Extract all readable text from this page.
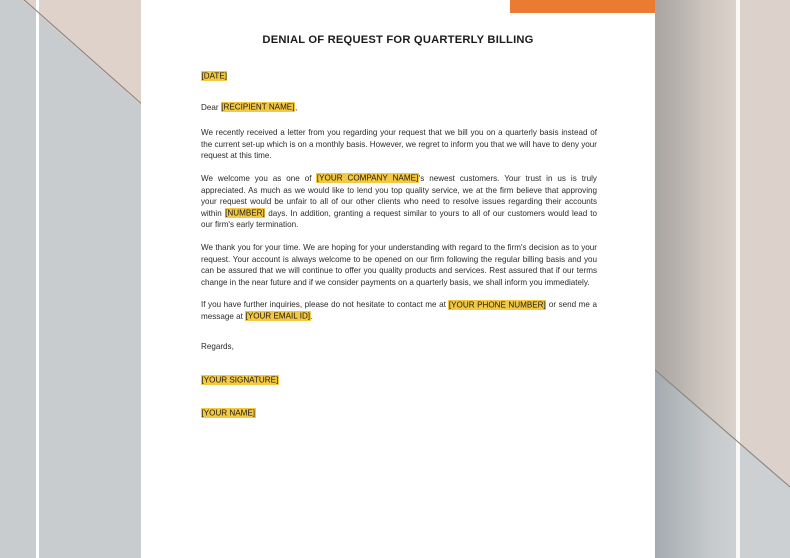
DENIAL OF REQUEST FOR QUARTERLY BILLING
[DATE]
Dear [RECIPIENT NAME],
We recently received a letter from you regarding your request that we bill you on a quarterly basis instead of the current set-up which is on a monthly basis. However, we regret to inform you that we will have to deny your request at this time.
We welcome you as one of [YOUR COMPANY NAME]'s newest customers. Your trust in us is truly appreciated. As much as we would like to lend you top quality service, we at the firm believe that approving your request would be unfair to all of our other clients who need to resolve issues regarding their accounts within [NUMBER] days. In addition, granting a request similar to yours to all of our customers would lead to our firm's early termination.
We thank you for your time. We are hoping for your understanding with regard to the firm's decision as to your request. Your account is always welcome to be opened on our firm following the regular billing basis and you can be assured that we will continue to offer you quality products and services. Rest assured that if our terms change in the near future and if we consider payments on a quarterly basis, we shall inform you immediately.
If you have further inquiries, please do not hesitate to contact me at [YOUR PHONE NUMBER] or send me a message at [YOUR EMAIL ID].
Regards,
[YOUR SIGNATURE]
[YOUR NAME]
